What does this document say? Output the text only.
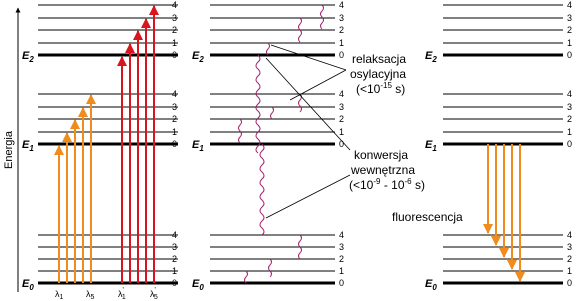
Energia
4
3
2
1
0
4
3
2
1
0
4
3
2
1
0
4
3
2
1
0
4
3
2
1
0
4
3
2
1
0
4
3
2
1
0
4
3
2
1
0
4
3
2
1
0
$E_2$
$E_1$
$E_0$
$E_2$
$E_1$
$E_0$
$E_2$
$E_1$
$E_0$
$\lambda_1$	$\lambda_5$	λ' 1	λ' 5
relaksacja
osylacyjna
($<10^{-15}$ s)
konwersja
wewnętrzna
($<10^{-9} - 10^{-6}$ s)
fluorescencja
